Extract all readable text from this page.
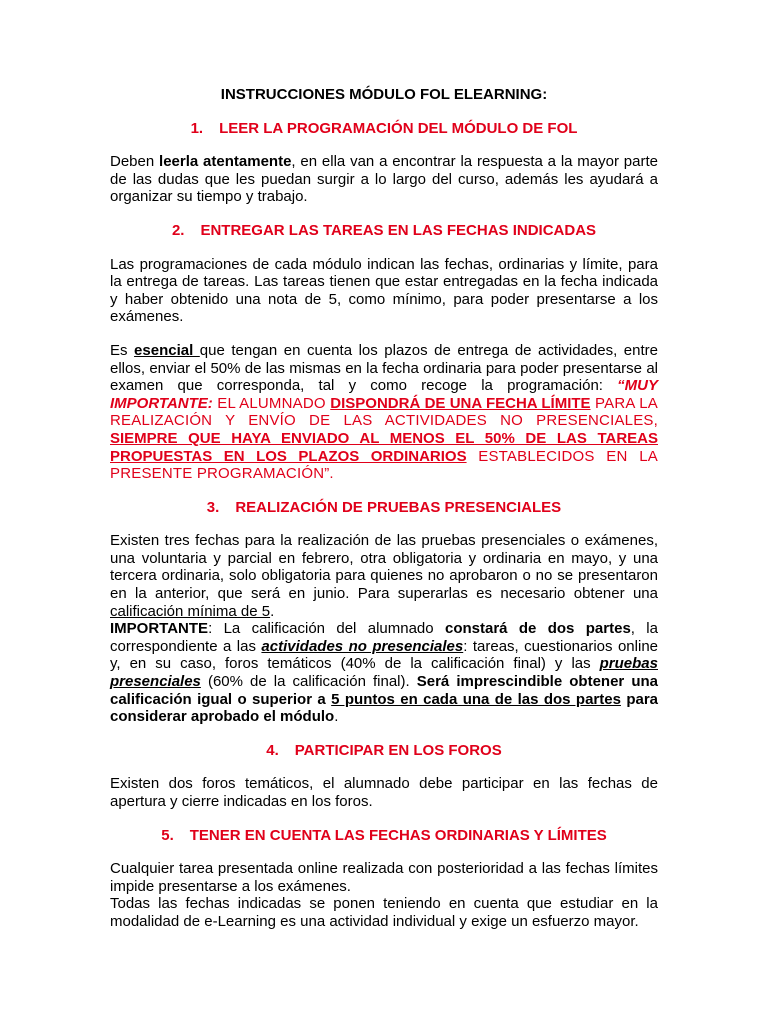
INSTRUCCIONES MÓDULO FOL ELEARNING:

1. LEER LA PROGRAMACIÓN DEL MÓDULO DE FOL

Deben leerla atentamente, en ella van a encontrar la respuesta a la mayor parte de las dudas que les puedan surgir a lo largo del curso, además les ayudará a organizar su tiempo y trabajo.

2. ENTREGAR LAS TAREAS EN LAS FECHAS INDICADAS

Las programaciones de cada módulo indican las fechas, ordinarias y límite, para la entrega de tareas. Las tareas tienen que estar entregadas en la fecha indicada y haber obtenido una nota de 5, como mínimo, para poder presentarse a los exámenes.

Es esencial que tengan en cuenta los plazos de entrega de actividades, entre ellos, enviar el 50% de las mismas en la fecha ordinaria para poder presentarse al examen que corresponda, tal y como recoge la programación: “MUY IMPORTANTE: EL ALUMNADO DISPONDRÁ DE UNA FECHA LÍMITE PARA LA REALIZACIÓN Y ENVÍO DE LAS ACTIVIDADES NO PRESENCIALES, SIEMPRE QUE HAYA ENVIADO AL MENOS EL 50% DE LAS TAREAS PROPUESTAS EN LOS PLAZOS ORDINARIOS ESTABLECIDOS EN LA PRESENTE PROGRAMACIÓN”.

3. REALIZACIÓN DE PRUEBAS PRESENCIALES

Existen tres fechas para la realización de las pruebas presenciales o exámenes, una voluntaria y parcial en febrero, otra obligatoria y ordinaria en mayo, y una tercera ordinaria, solo obligatoria para quienes no aprobaron o no se presentaron en la anterior, que será en junio. Para superarlas es necesario obtener una calificación mínima de 5.

IMPORTANTE: La calificación del alumnado constará de dos partes, la correspondiente a las actividades no presenciales: tareas, cuestionarios online y, en su caso, foros temáticos (40% de la calificación final) y las pruebas presenciales (60% de la calificación final). Será imprescindible obtener una calificación igual o superior a 5 puntos en cada una de las dos partes para considerar aprobado el módulo.

4. PARTICIPAR EN LOS FOROS

Existen dos foros temáticos, el alumnado debe participar en las fechas de apertura y cierre indicadas en los foros.

5. TENER EN CUENTA LAS FECHAS ORDINARIAS Y LÍMITES

Cualquier tarea presentada online realizada con posterioridad a las fechas límites impide presentarse a los exámenes.

Todas las fechas indicadas se ponen teniendo en cuenta que estudiar en la modalidad de e-Learning es una actividad individual y exige un esfuerzo mayor.
